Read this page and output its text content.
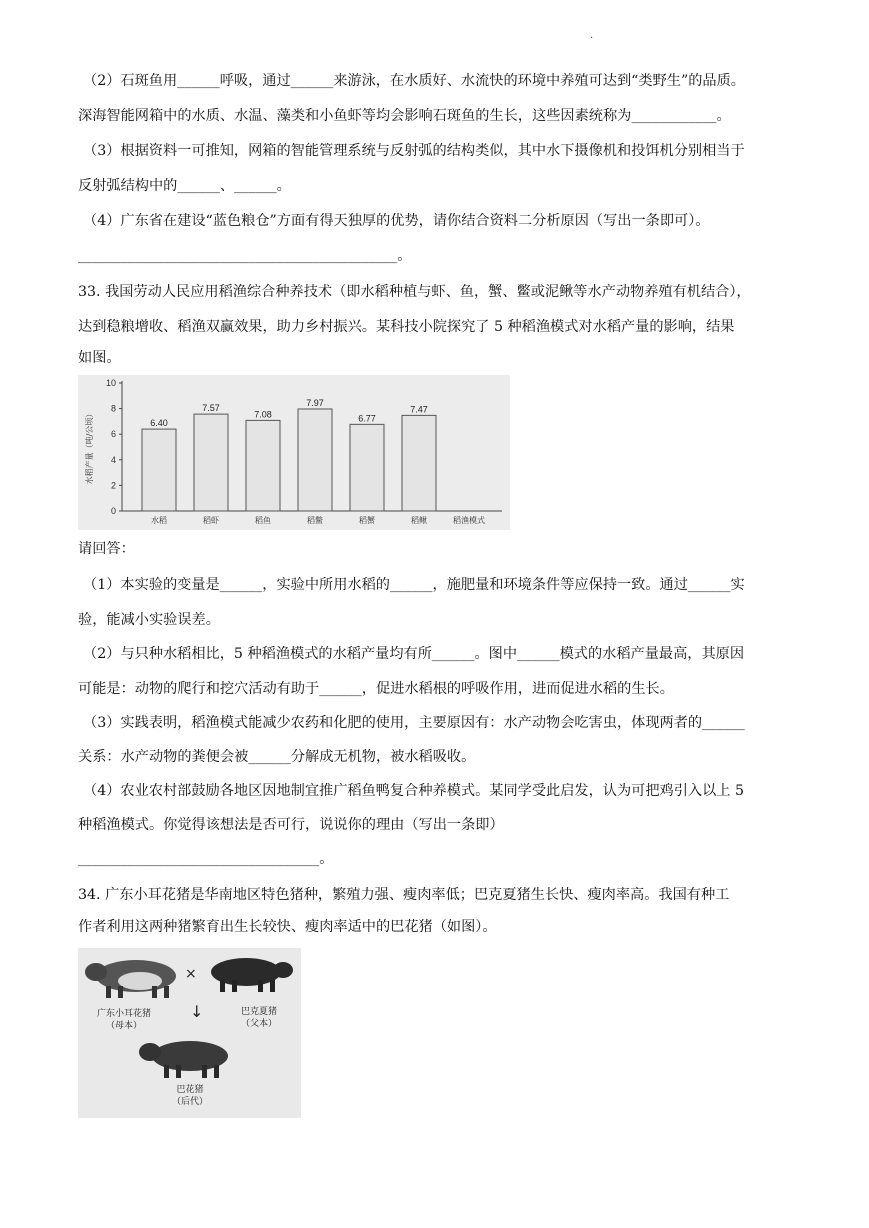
.
（2）石斑鱼用______呼吸，通过______来游泳，在水质好、水流快的环境中养殖可达到“类野生”的品质。
深海智能网箱中的水质、水温、藻类和小鱼虾等均会影响石斑鱼的生长，这些因素统称为____________。
（3）根据资料一可推知，网箱的智能管理系统与反射弧的结构类似，其中水下摄像机和投饵机分别相当于
反射弧结构中的______、______。
（4）广东省在建设“蓝色粮仓”方面有得天独厚的优势，请你结合资料二分析原因（写出一条即可）。
_____________________________________________。
33. 我国劳动人民应用稻渔综合种养技术（即水稻种植与虾、鱼，蟹、鳖或泥鳅等水产动物养殖有机结合），
达到稳粮增收、稻渔双赢效果，助力乡村振兴。某科技小院探究了 5 种稻渔模式对水稻产量的影响，结果
如图。
0
2
4
6
8
10
水稻产量（吨/公顷）	6.40
水稻
7.57
稻虾
7.08
稻鱼
7.97
稻鳖
6.77
稻蟹
7.47
稻鳅	稻渔模式
请回答：
（1）本实验的变量是______，实验中所用水稻的______，施肥量和环境条件等应保持一致。通过______实
验，能减小实验误差。
（2）与只种水稻相比，5 种稻渔模式的水稻产量均有所______。图中______模式的水稻产量最高，其原因
可能是：动物的爬行和挖穴活动有助于______，促进水稻根的呼吸作用，进而促进水稻的生长。
（3）实践表明，稻渔模式能减少农药和化肥的使用，主要原因有：水产动物会吃害虫，体现两者的______
关系：水产动物的粪便会被______分解成无机物，被水稻吸收。
（4）农业农村部鼓励各地区因地制宜推广稻鱼鸭复合种养模式。某同学受此启发，认为可把鸡引入以上 5
种稻渔模式。你觉得该想法是否可行，说说你的理由（写出一条即）
__________________________________。
34. 广东小耳花猪是华南地区特色猪种，繁殖力强、瘦肉率低；巴克夏猪生长快、瘦肉率高。我国有种工
作者利用这两种猪繁育出生长较快、瘦肉率适中的巴花猪（如图）。
×
↓
广东小耳花猪
（母本）
巴克夏猪
（父本）
巴花猪
（后代）
